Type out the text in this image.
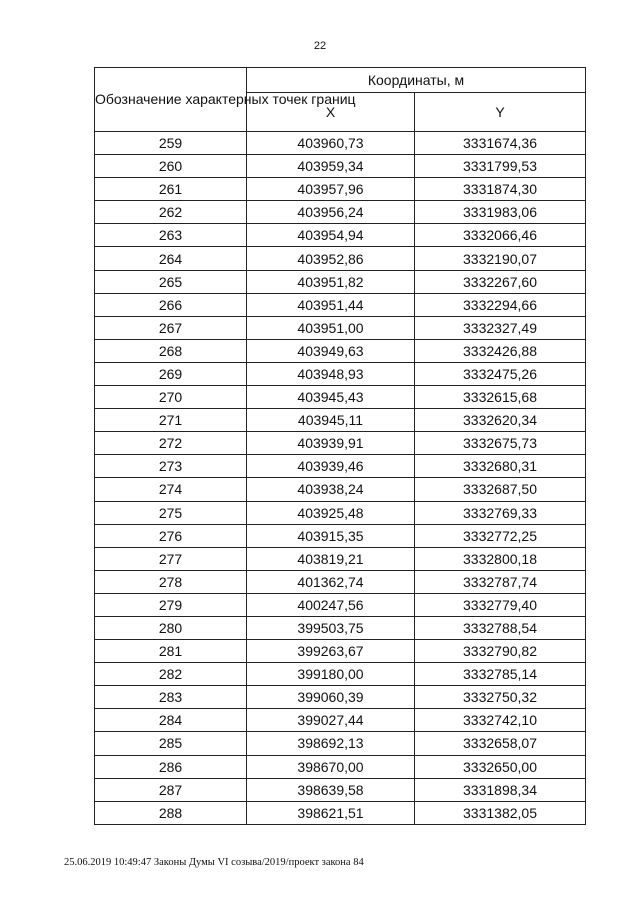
22
Обозначение характерных точек границ	Координаты, м	
	X	Y
259	403960,73	3331674,36
260	403959,34	3331799,53
261	403957,96	3331874,30
262	403956,24	3331983,06
263	403954,94	3332066,46
264	403952,86	3332190,07
265	403951,82	3332267,60
266	403951,44	3332294,66
267	403951,00	3332327,49
268	403949,63	3332426,88
269	403948,93	3332475,26
270	403945,43	3332615,68
271	403945,11	3332620,34
272	403939,91	3332675,73
273	403939,46	3332680,31
274	403938,24	3332687,50
275	403925,48	3332769,33
276	403915,35	3332772,25
277	403819,21	3332800,18
278	401362,74	3332787,74
279	400247,56	3332779,40
280	399503,75	3332788,54
281	399263,67	3332790,82
282	399180,00	3332785,14
283	399060,39	3332750,32
284	399027,44	3332742,10
285	398692,13	3332658,07
286	398670,00	3332650,00
287	398639,58	3331898,34
288	398621,51	3331382,05
25.06.2019 10:49:47 Законы Думы VI созыва/2019/проект закона 84
